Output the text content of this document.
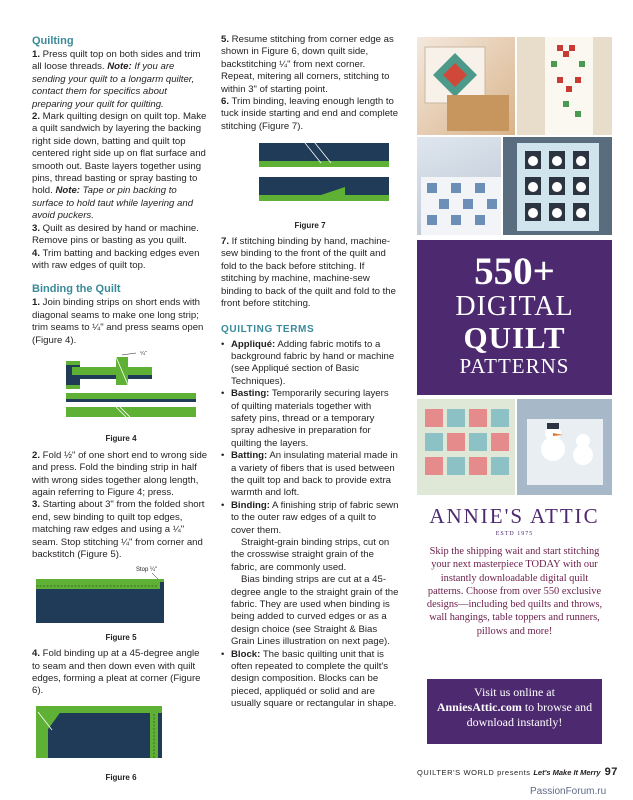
Quilting

1. Press quilt top on both sides and trim all loose threads. Note: If you are sending your quilt to a longarm quilter, contact them for specifics about preparing your quilt for quilting.

2. Mark quilting design on quilt top. Make a quilt sandwich by layering the backing right side down, batting and quilt top centered right side up on flat surface and smooth out. Baste layers together using pins, thread basting or spray basting to hold. Note: Tape or pin backing to surface to hold taut while layering and avoid puckers.

3. Quilt as desired by hand or machine. Remove pins or basting as you quilt.

4. Trim batting and backing edges even with raw edges of quilt top.

Binding the Quilt

1. Join binding strips on short ends with diagonal seams to make one long strip; trim seams to ¼" and press seams open (Figure 4).

¼"
Figure 4

2. Fold ½" of one short end to wrong side and press. Fold the binding strip in half with wrong sides together along length, again referring to Figure 4; press.

3. Starting about 3" from the folded short end, sew binding to quilt top edges, matching raw edges and using a ¼" seam. Stop stitching ¼" from corner and backstitch (Figure 5).

Stop ¼"
Figure 5

4. Fold binding up at a 45-degree angle to seam and then down even with quilt edges, forming a pleat at corner (Figure 6).

Figure 6

5. Resume stitching from corner edge as shown in Figure 6, down quilt side, backstitching ¼" from next corner. Repeat, mitering all corners, stitching to within 3" of starting point.

6. Trim binding, leaving enough length to tuck inside starting and end and complete stitching (Figure 7).

Figure 7

7. If stitching binding by hand, machine-sew binding to the front of the quilt and fold to the back before stitching. If stitching by machine, machine-sew binding to back of the quilt and fold to the front before stitching.

QUILTING TERMS
• Appliqué: Adding fabric motifs to a background fabric by hand or machine (see Appliqué section of Basic Techniques).
• Basting: Temporarily securing layers of quilting materials together with safety pins, thread or a temporary spray adhesive in preparation for quilting the layers.
• Batting: An insulating material made in a variety of fibers that is used between the quilt top and back to provide extra warmth and loft.
• Binding: A finishing strip of fabric sewn to the outer raw edges of a quilt to cover them.

Straight-grain binding strips, cut on the crosswise straight grain of the fabric, are commonly used.

Bias binding strips are cut at a 45-degree angle to the straight grain of the fabric. They are used when binding is being added to curved edges or as a design choice (see Straight & Bias Grain Lines illustration on next page).

• Block: The basic quilting unit that is often repeated to complete the quilt's design composition. Blocks can be pieced, appliquéd or solid and are usually square or rectangular in shape.
550+
DIGITAL
QUILT
PATTERNS
ANNIE'S ATTIC
ESTD 1975
Skip the shipping wait and start stitching your next masterpiece TODAY with our instantly downloadable digital quilt patterns. Choose from over 550 exclusive designs—including bed quilts and throws, wall hangings, table toppers and runners, pillows and more!
Visit us online at
AnniesAttic.com to browse and download instantly!
QUILTER'S WORLD presents Let's Make It Merry 97
PassionForum.ru
